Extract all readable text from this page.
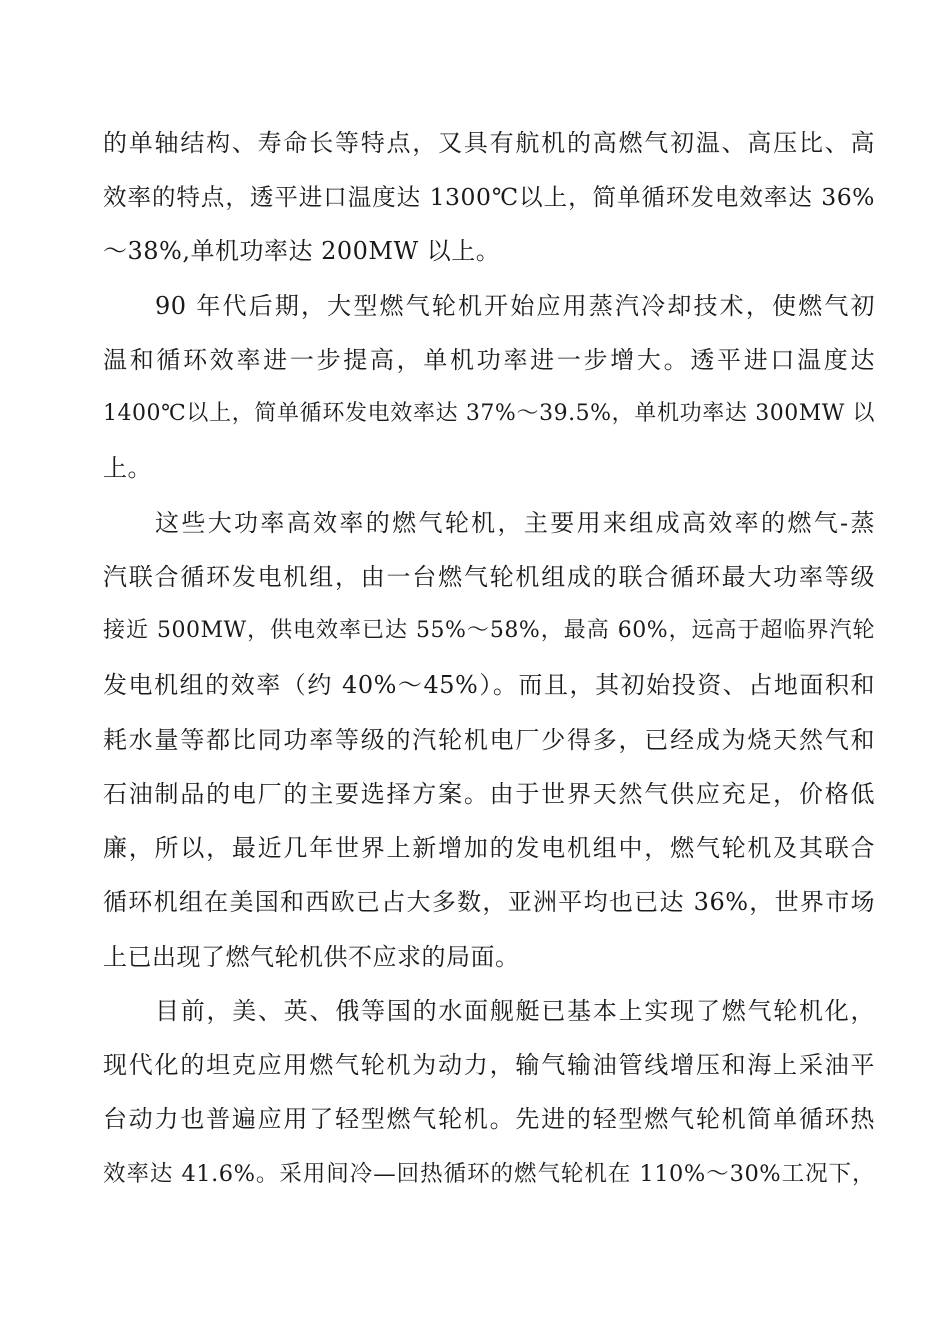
的单轴结构、寿命长等特点，又具有航机的高燃气初温、高压比、高
效率的特点，透平进口温度达 1300℃以上，简单循环发电效率达 36%
～38%,单机功率达 200MW 以上。
90 年代后期，大型燃气轮机开始应用蒸汽冷却技术，使燃气初
温和循环效率进一步提高，单机功率进一步增大。透平进口温度达
1400℃以上，简单循环发电效率达 37%～39.5%，单机功率达 300MW 以
上。
这些大功率高效率的燃气轮机，主要用来组成高效率的燃气-蒸
汽联合循环发电机组，由一台燃气轮机组成的联合循环最大功率等级
接近 500MW，供电效率已达 55%～58%，最高 60%，远高于超临界汽轮
发电机组的效率（约 40%～45%）。而且，其初始投资、占地面积和
耗水量等都比同功率等级的汽轮机电厂少得多，已经成为烧天然气和
石油制品的电厂的主要选择方案。由于世界天然气供应充足，价格低
廉，所以，最近几年世界上新增加的发电机组中，燃气轮机及其联合
循环机组在美国和西欧已占大多数，亚洲平均也已达 36%，世界市场
上已出现了燃气轮机供不应求的局面。
目前，美、英、俄等国的水面舰艇已基本上实现了燃气轮机化，
现代化的坦克应用燃气轮机为动力，输气输油管线增压和海上采油平
台动力也普遍应用了轻型燃气轮机。先进的轻型燃气轮机简单循环热
效率达 41.6%。采用间冷—回热循环的燃气轮机在 110%～30%工况下，
